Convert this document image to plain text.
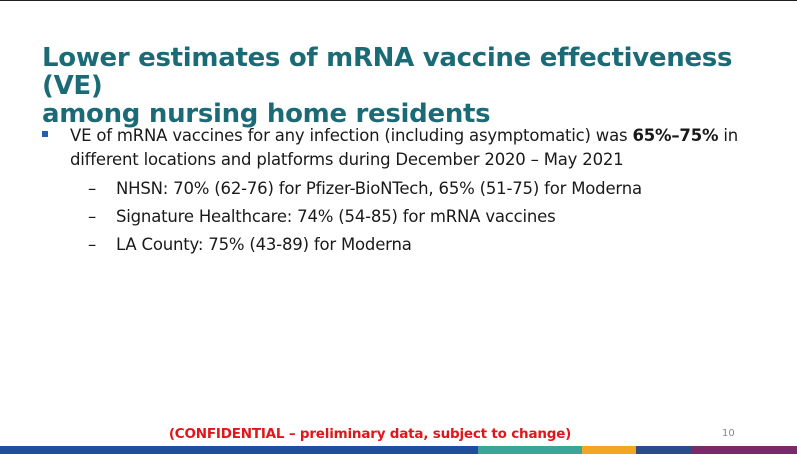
Lower estimates of mRNA vaccine effectiveness (VE)
among nursing home residents
VE of mRNA vaccines for any infection (including asymptomatic) was 65%–75% in different locations and platforms during December 2020 – May 2021
– NHSN: 70% (62-76) for Pfizer-BioNTech, 65% (51-75) for Moderna
– Signature Healthcare: 74% (54-85) for mRNA vaccines
– LA County: 75% (43-89) for Moderna
(CONFIDENTIAL – preliminary data, subject to change)	10
